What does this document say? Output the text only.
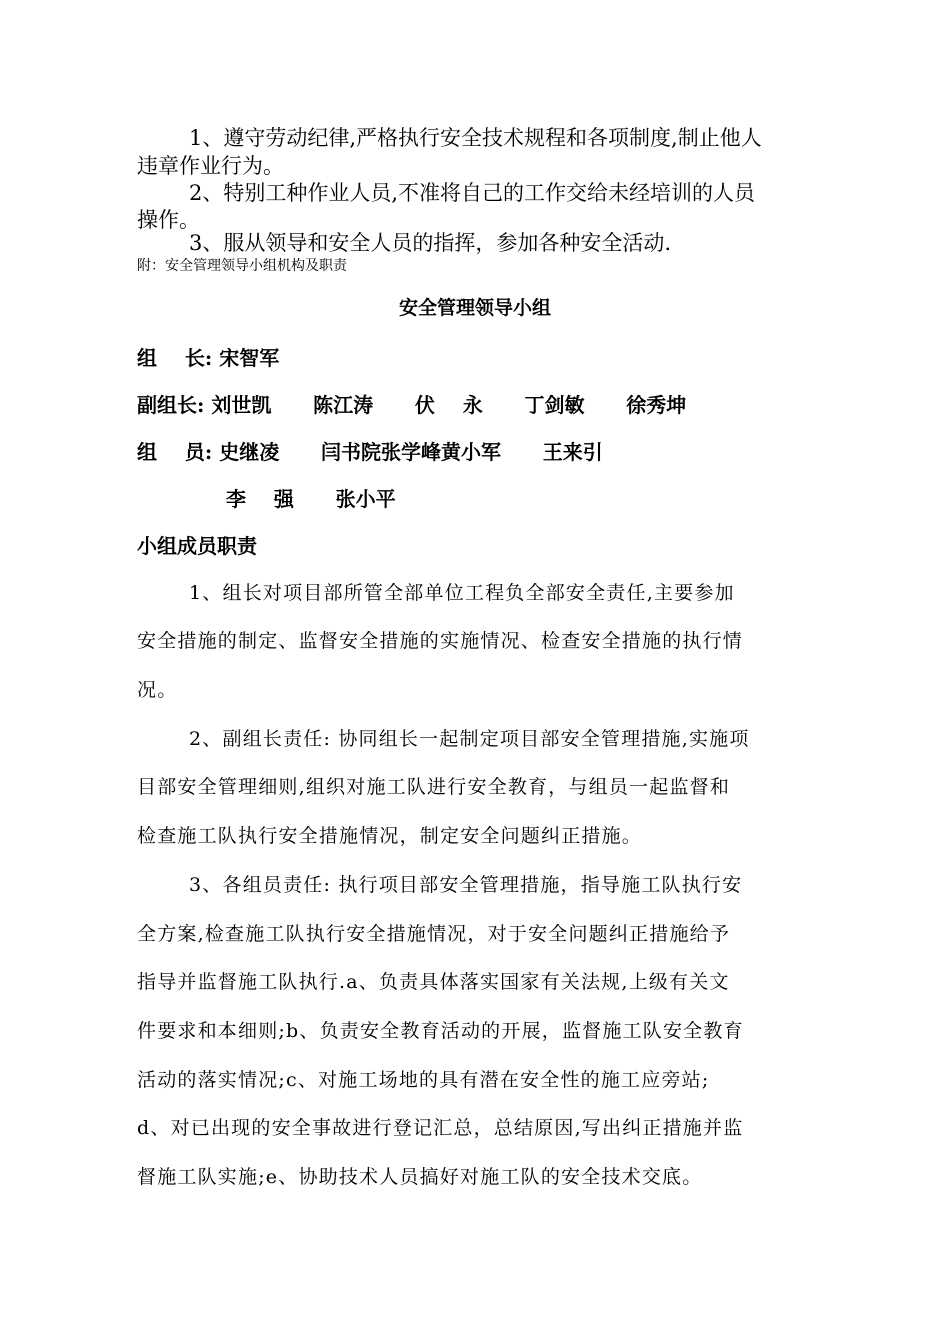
1、遵守劳动纪律,严格执行安全技术规程和各项制度,制止他人
违章作业行为。
2、特别工种作业人员,不准将自己的工作交给未经培训的人员
操作。
3、服从领导和安全人员的指挥，参加各种安全活动.
附：安全管理领导小组机构及职责
安全管理领导小组
组    长: 宋智军
副组长: 刘世凯      陈江涛      伏    永      丁剑敏      徐秀坤
组    员: 史继凌      闫书院张学峰黄小军      王来引
李    强      张小平
小组成员职责
1、组长对项目部所管全部单位工程负全部安全责任,主要参加
安全措施的制定、监督安全措施的实施情况、检查安全措施的执行情
况。
2、副组长责任: 协同组长一起制定项目部安全管理措施,实施项
目部安全管理细则,组织对施工队进行安全教育，与组员一起监督和
检查施工队执行安全措施情况，制定安全问题纠正措施。
3、各组员责任: 执行项目部安全管理措施，指导施工队执行安
全方案,检查施工队执行安全措施情况，对于安全问题纠正措施给予
指导并监督施工队执行.a、负责具体落实国家有关法规,上级有关文
件要求和本细则;b、负责安全教育活动的开展，监督施工队安全教育
活动的落实情况;c、对施工场地的具有潜在安全性的施工应旁站;
d、对已出现的安全事故进行登记汇总，总结原因,写出纠正措施并监
督施工队实施;e、协助技术人员搞好对施工队的安全技术交底。
